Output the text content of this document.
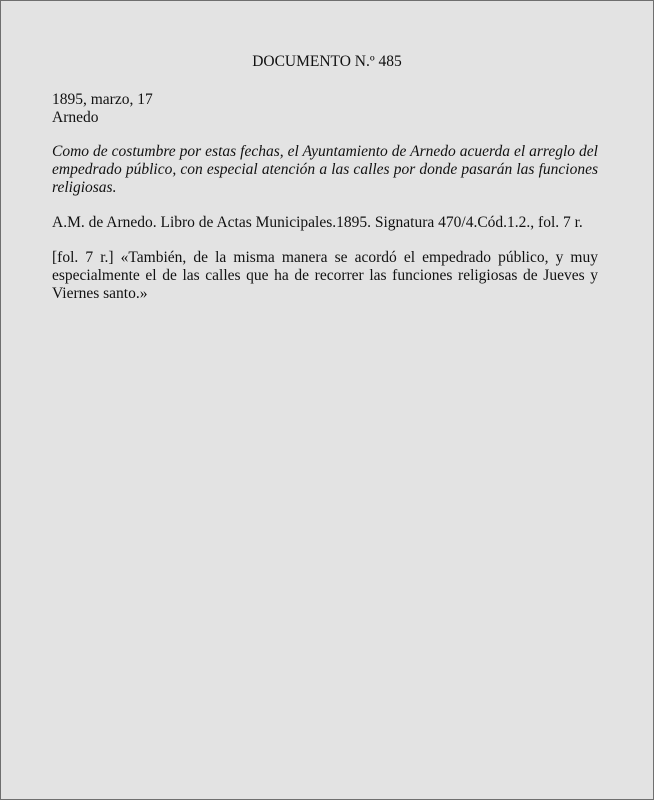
DOCUMENTO N.º 485

1895, marzo, 17
Arnedo

Como de costumbre por estas fechas, el Ayuntamiento de Arnedo acuerda el arreglo del
empedrado público, con especial atención a las calles por donde pasarán las funciones
religiosas.

A.M. de Arnedo. Libro de Actas Municipales.1895. Signatura 470/4.Cód.1.2., fol. 7 r.

[fol. 7 r.] «También, de la misma manera se acordó el empedrado público, y muy
especialmente el de las calles que ha de recorrer las funciones religiosas de Jueves y
Viernes santo.»
